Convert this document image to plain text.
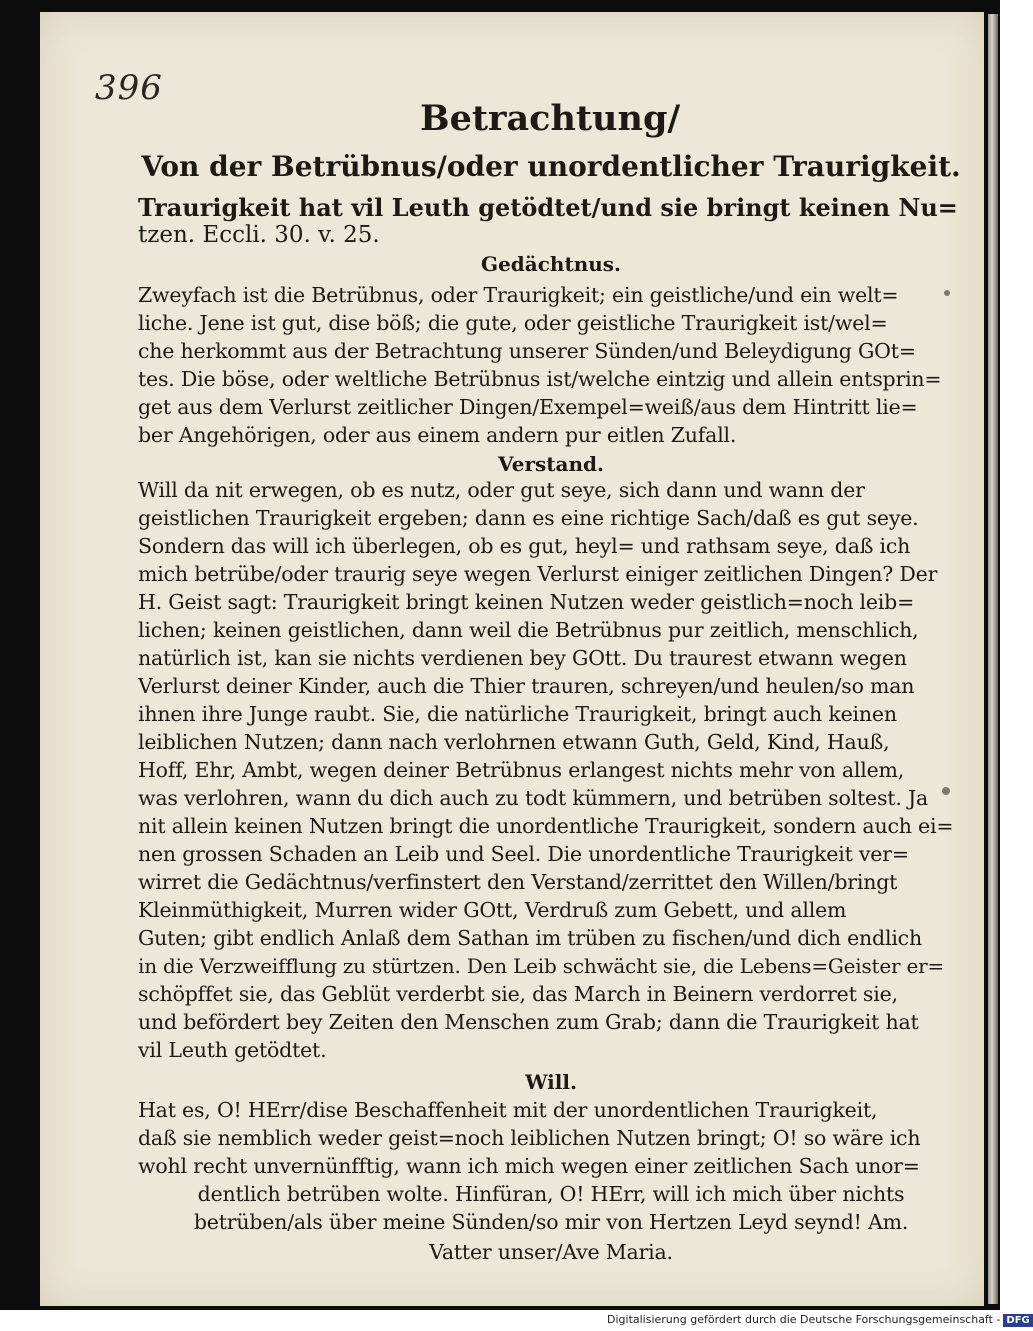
396
Betrachtung/
Von der Betrübnus/oder unordentlicher Traurigkeit.
Traurigkeit hat vil Leuth getödtet/und sie bringt keinen Nu=
tzen. Eccli. 30. v. 25.
Gedächtnus.
Zweyfach ist die Betrübnus, oder Traurigkeit; ein geistliche/und ein welt=
liche. Jene ist gut, dise böß; die gute, oder geistliche Traurigkeit ist/wel=
che herkommt aus der Betrachtung unserer Sünden/und Beleydigung GOt=
tes. Die böse, oder weltliche Betrübnus ist/welche eintzig und allein entsprin=
get aus dem Verlurst zeitlicher Dingen/Exempel=weiß/aus dem Hintritt lie=
ber Angehörigen, oder aus einem andern pur eitlen Zufall.
Verstand.
Will da nit erwegen, ob es nutz, oder gut seye, sich dann und wann der
geistlichen Traurigkeit ergeben; dann es eine richtige Sach/daß es gut seye.
Sondern das will ich überlegen, ob es gut, heyl= und rathsam seye, daß ich
mich betrübe/oder traurig seye wegen Verlurst einiger zeitlichen Dingen? Der
H. Geist sagt: Traurigkeit bringt keinen Nutzen weder geistlich=noch leib=
lichen; keinen geistlichen, dann weil die Betrübnus pur zeitlich, menschlich,
natürlich ist, kan sie nichts verdienen bey GOtt. Du traurest etwann wegen
Verlurst deiner Kinder, auch die Thier trauren, schreyen/und heulen/so man
ihnen ihre Junge raubt. Sie, die natürliche Traurigkeit, bringt auch keinen
leiblichen Nutzen; dann nach verlohrnen etwann Guth, Geld, Kind, Hauß,
Hoff, Ehr, Ambt, wegen deiner Betrübnus erlangest nichts mehr von allem,
was verlohren, wann du dich auch zu todt kümmern, und betrüben soltest. Ja
nit allein keinen Nutzen bringt die unordentliche Traurigkeit, sondern auch ei=
nen grossen Schaden an Leib und Seel. Die unordentliche Traurigkeit ver=
wirret die Gedächtnus/verfinstert den Verstand/zerrittet den Willen/bringt
Kleinmüthigkeit, Murren wider GOtt, Verdruß zum Gebett, und allem
Guten; gibt endlich Anlaß dem Sathan im trüben zu fischen/und dich endlich
in die Verzweifflung zu stürtzen. Den Leib schwächt sie, die Lebens=Geister er=
schöpffet sie, das Geblüt verderbt sie, das March in Beinern verdorret sie,
und befördert bey Zeiten den Menschen zum Grab; dann die Traurigkeit hat
vil Leuth getödtet.
Will.
Hat es, O! HErr/dise Beschaffenheit mit der unordentlichen Traurigkeit,
daß sie nemblich weder geist=noch leiblichen Nutzen bringt; O! so wäre ich
wohl recht unvernünfftig, wann ich mich wegen einer zeitlichen Sach unor=
dentlich betrüben wolte. Hinfüran, O! HErr, will ich mich über nichts
betrüben/als über meine Sünden/so mir von Hertzen Leyd seynd! Am.
Vatter unser/Ave Maria.
Digitalisierung gefördert durch die Deutsche Forschungsgemeinschaft - DFG
